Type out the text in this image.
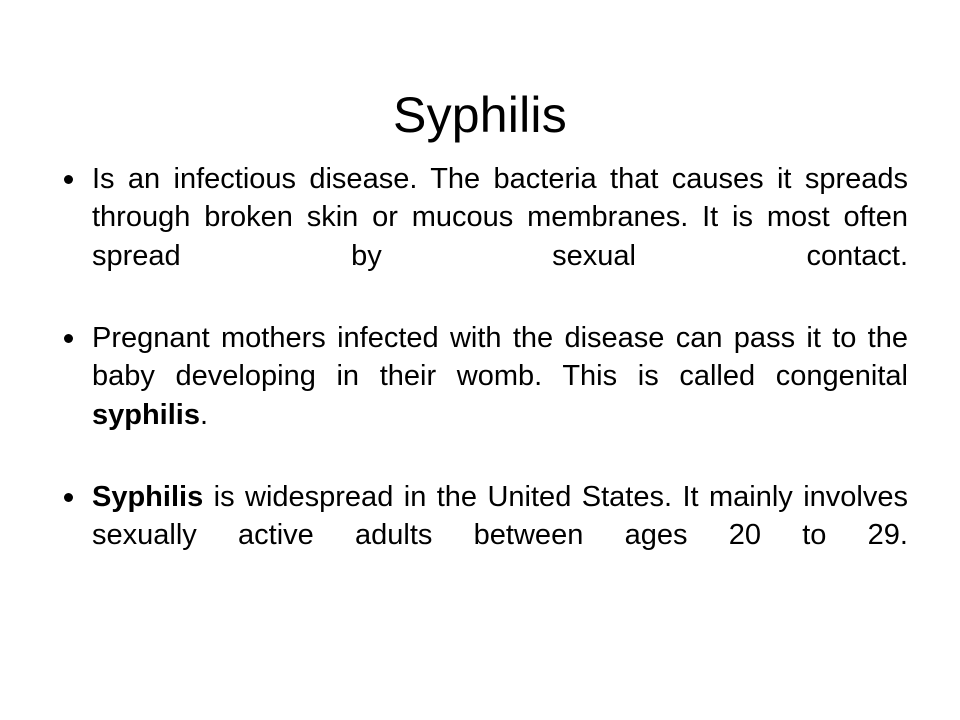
Syphilis
Is an infectious disease. The bacteria that causes it spreads through broken skin or mucous membranes. It is most often spread by sexual contact.
Pregnant mothers infected with the disease can pass it to the baby developing in their womb. This is called congenital syphilis.
Syphilis is widespread in the United States. It mainly involves sexually active adults between ages 20 to 29.
